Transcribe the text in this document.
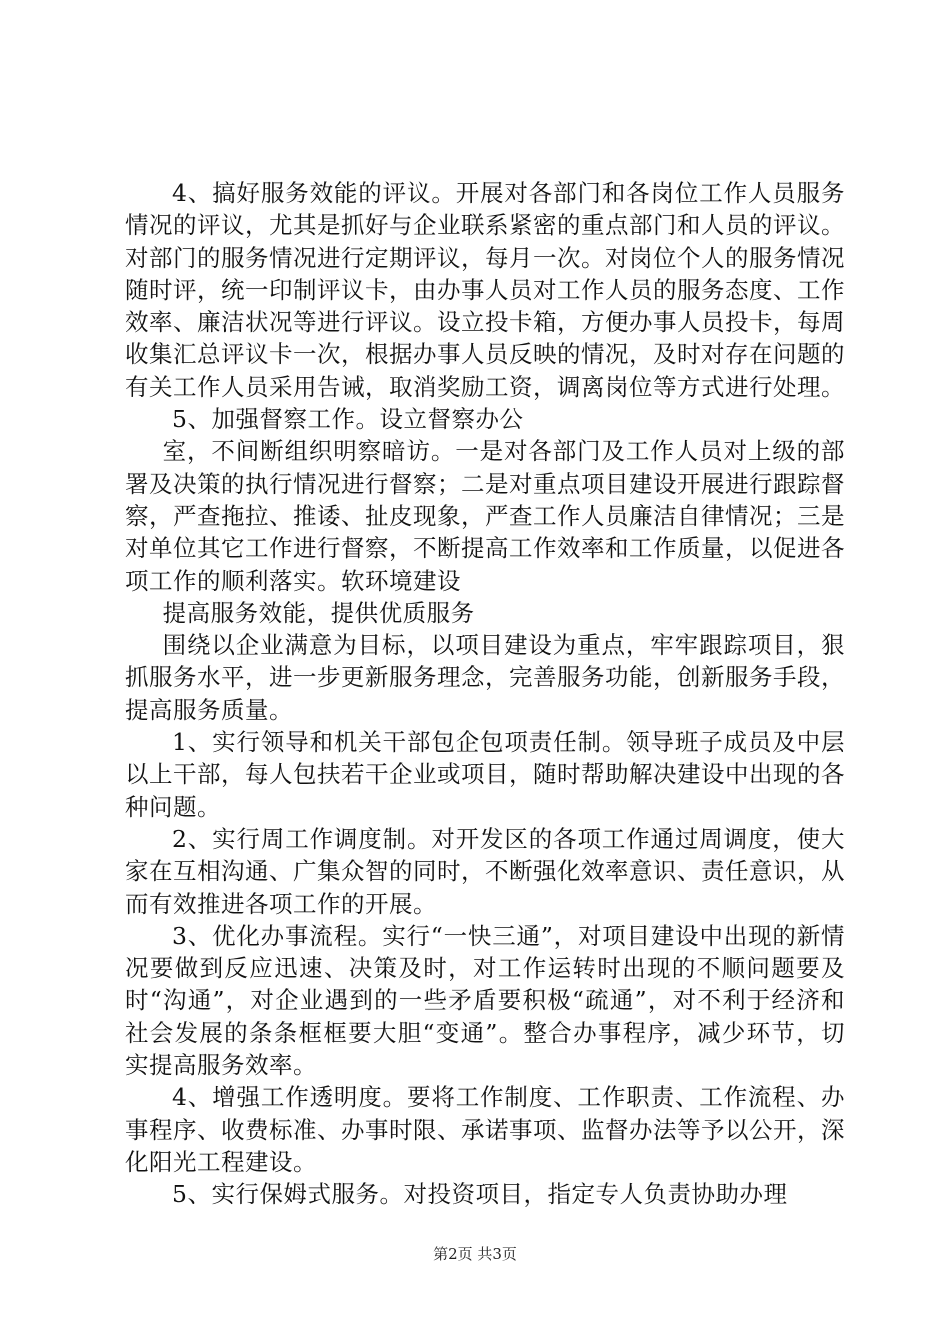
4、搞好服务效能的评议。开展对各部门和各岗位工作人员服务情况的评议，尤其是抓好与企业联系紧密的重点部门和人员的评议。对部门的服务情况进行定期评议，每月一次。对岗位个人的服务情况随时评，统一印制评议卡，由办事人员对工作人员的服务态度、工作效率、廉洁状况等进行评议。设立投卡箱，方便办事人员投卡，每周收集汇总评议卡一次，根据办事人员反映的情况，及时对存在问题的有关工作人员采用告诫，取消奖励工资，调离岗位等方式进行处理。

5、加强督察工作。设立督察办公

室，不间断组织明察暗访。一是对各部门及工作人员对上级的部署及决策的执行情况进行督察；二是对重点项目建设开展进行跟踪督察，严查拖拉、推诿、扯皮现象，严查工作人员廉洁自律情况；三是对单位其它工作进行督察，不断提高工作效率和工作质量，以促进各项工作的顺利落实。软环境建设

提高服务效能，提供优质服务

围绕以企业满意为目标，以项目建设为重点，牢牢跟踪项目，狠抓服务水平，进一步更新服务理念，完善服务功能，创新服务手段，提高服务质量。

1、实行领导和机关干部包企包项责任制。领导班子成员及中层以上干部，每人包扶若干企业或项目，随时帮助解决建设中出现的各种问题。

2、实行周工作调度制。对开发区的各项工作通过周调度，使大家在互相沟通、广集众智的同时，不断强化效率意识、责任意识，从而有效推进各项工作的开展。

3、优化办事流程。实行“一快三通”，对项目建设中出现的新情况要做到反应迅速、决策及时，对工作运转时出现的不顺问题要及时“沟通”，对企业遇到的一些矛盾要积极“疏通”，对不利于经济和社会发展的条条框框要大胆“变通”。整合办事程序，减少环节，切实提高服务效率。

4、增强工作透明度。要将工作制度、工作职责、工作流程、办事程序、收费标准、办事时限、承诺事项、监督办法等予以公开，深化阳光工程建设。

5、实行保姆式服务。对投资项目，指定专人负责协助办理

第2页 共3页
